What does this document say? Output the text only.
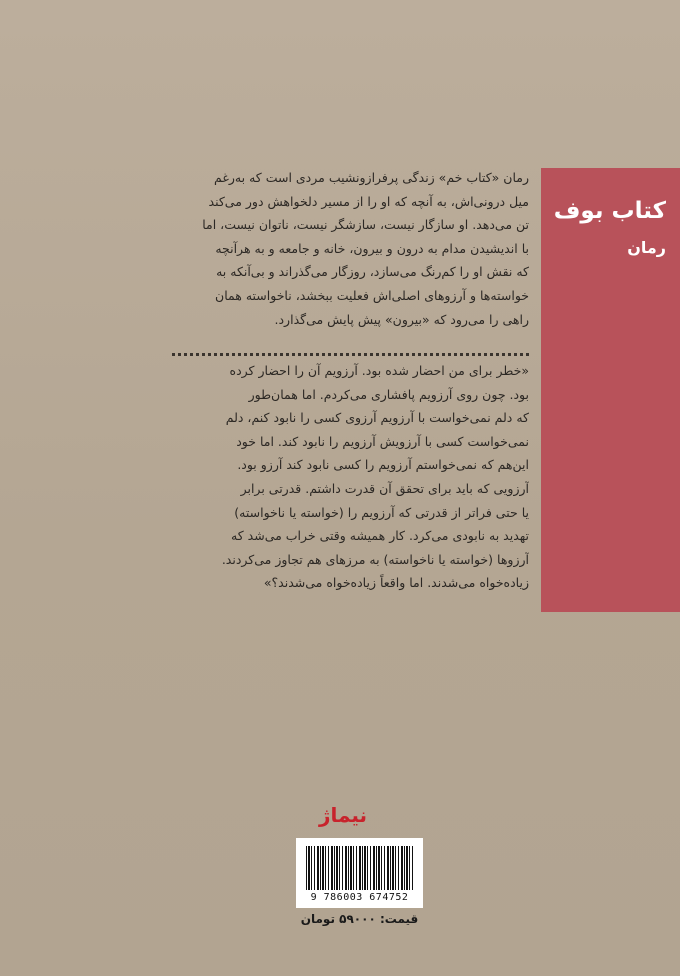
کتاب بوف
رمان
رمان «کتاب خم» زندگی پرفرازونشیب مردی است که به‌رغم
میل درونی‌اش، به آنچه که او را از مسیر دلخواهش دور می‌کند
تن می‌دهد. او سازگار نیست، سازشگر نیست، ناتوان نیست، اما
با اندیشیدن مدام به درون و بیرون، خانه و جامعه و به هرآنچه
که نقش او را کم‌رنگ می‌سازد، روزگار می‌گذراند و بی‌آنکه به
خواسته‌ها و آرزوهای اصلی‌اش فعلیت ببخشد، ناخواسته همان
راهی را می‌رود که «بیرون» پیش پایش می‌گذارد.
«خطر برای من احضار شده بود. آرزویم آن را احضار کرده
بود. چون روی آرزویم پافشاری می‌کردم. اما همان‌طور
که دلم نمی‌خواست با آرزویم آرزوی کسی را نابود کنم، دلم
نمی‌خواست کسی با آرزویش آرزویم را نابود کند. اما خود
این‌هم که نمی‌خواستم آرزویم را کسی نابود کند آرزو بود.
آرزویی که باید برای تحقق آن قدرت داشتم. قدرتی برابر
یا حتی فراتر از قدرتی که آرزویم را (خواسته یا ناخواسته)
تهدید به نابودی می‌کرد. کار همیشه وقتی خراب می‌شد که
آرزوها (خواسته یا ناخواسته) به مرزهای هم تجاوز می‌کردند.
زیاده‌خواه می‌شدند. اما واقعاً زیاده‌خواه می‌شدند؟»
نیماژ
9 786003 674752
قیمت: ۵۹۰۰۰ تومان
